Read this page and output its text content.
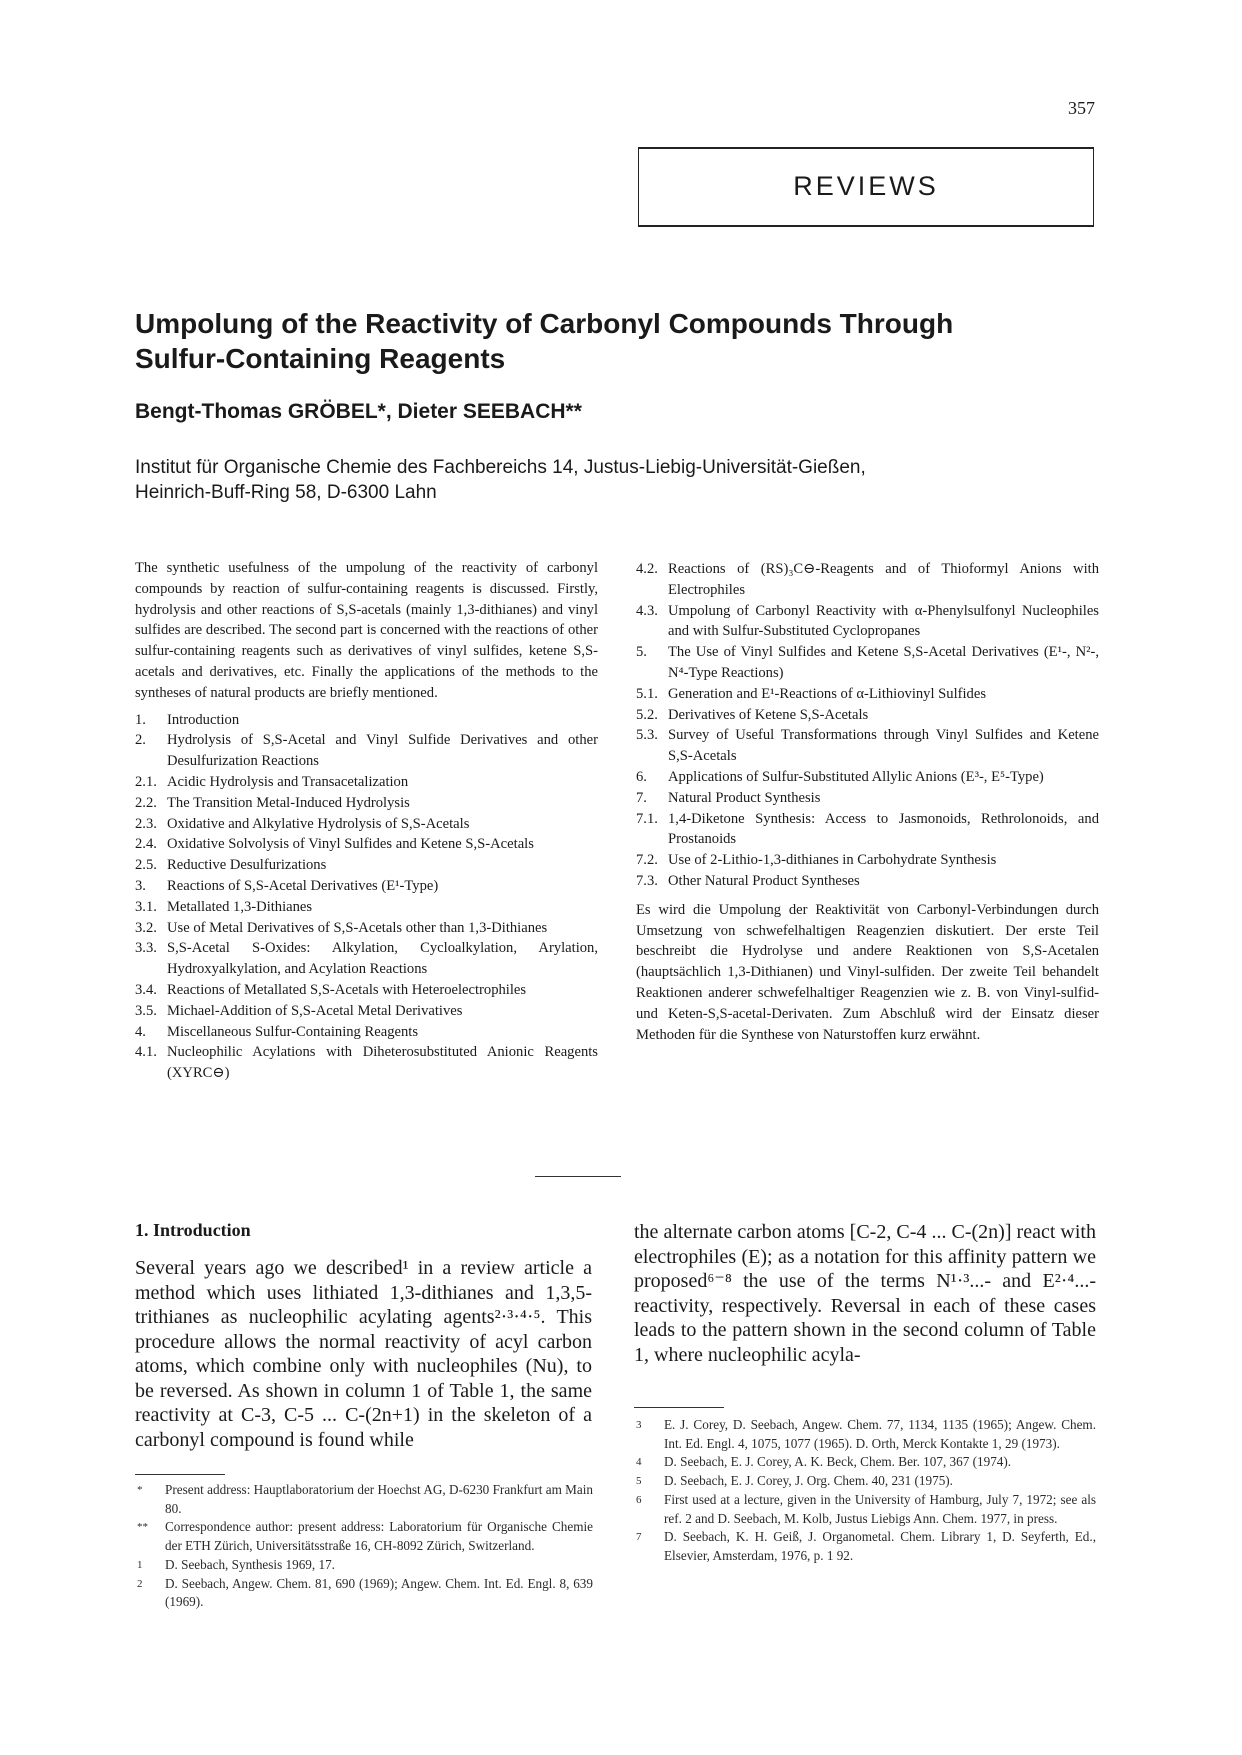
357
REVIEWS
Umpolung of the Reactivity of Carbonyl Compounds Through
Sulfur-Containing Reagents
Bengt-Thomas GRÖBEL*, Dieter SEEBACH**
Institut für Organische Chemie des Fachbereichs 14, Justus-Liebig-Universität-Gießen,
Heinrich-Buff-Ring 58, D-6300 Lahn

The synthetic usefulness of the umpolung of the reactivity of carbonyl compounds by reaction of sulfur-containing reagents is discussed. Firstly, hydrolysis and other reactions of S,S-acetals (mainly 1,3-dithianes) and vinyl sulfides are described. The second part is concerned with the reactions of other sulfur-containing reagents such as derivatives of vinyl sulfides, ketene S,S-acetals and derivatives, etc. Finally the applications of the methods to the syntheses of natural products are briefly mentioned.

1. Introduction
2. Hydrolysis of S,S-Acetal and Vinyl Sulfide Derivatives and other Desulfurization Reactions
2.1. Acidic Hydrolysis and Transacetalization
2.2. The Transition Metal-Induced Hydrolysis
2.3. Oxidative and Alkylative Hydrolysis of S,S-Acetals
2.4. Oxidative Solvolysis of Vinyl Sulfides and Ketene S,S-Acetals
2.5. Reductive Desulfurizations
3. Reactions of S,S-Acetal Derivatives (E¹-Type)
3.1. Metallated 1,3-Dithianes
3.2. Use of Metal Derivatives of S,S-Acetals other than 1,3-Dithianes
3.3. S,S-Acetal S-Oxides: Alkylation, Cycloalkylation, Arylation, Hydroxyalkylation, and Acylation Reactions
3.4. Reactions of Metallated S,S-Acetals with Heteroelectrophiles
3.5. Michael-Addition of S,S-Acetal Metal Derivatives
4. Miscellaneous Sulfur-Containing Reagents
4.1. Nucleophilic Acylations with Diheterosubstituted Anionic Reagents (XYRC⊖)
4.2. Reactions of (RS)₃C⊖-Reagents and of Thioformyl Anions with Electrophiles
4.3. Umpolung of Carbonyl Reactivity with α-Phenylsulfonyl Nucleophiles and with Sulfur-Substituted Cyclopropanes
5. The Use of Vinyl Sulfides and Ketene S,S-Acetal Derivatives (E¹-, N²-, N⁴-Type Reactions)
5.1. Generation and E¹-Reactions of α-Lithiovinyl Sulfides
5.2. Derivatives of Ketene S,S-Acetals
5.3. Survey of Useful Transformations through Vinyl Sulfides and Ketene S,S-Acetals
6. Applications of Sulfur-Substituted Allylic Anions (E³-, E⁵-Type)
7. Natural Product Synthesis
7.1. 1,4-Diketone Synthesis: Access to Jasmonoids, Rethrolonoids, and Prostanoids
7.2. Use of 2-Lithio-1,3-dithianes in Carbohydrate Synthesis
7.3. Other Natural Product Syntheses

Es wird die Umpolung der Reaktivität von Carbonyl-Verbindungen durch Umsetzung von schwefelhaltigen Reagenzien diskutiert. Der erste Teil beschreibt die Hydrolyse und andere Reaktionen von S,S-Acetalen (hauptsächlich 1,3-Dithianen) und Vinyl-sulfiden. Der zweite Teil behandelt Reaktionen anderer schwefelhaltiger Reagenzien wie z. B. von Vinyl-sulfid- und Keten-S,S-acetal-Derivaten. Zum Abschluß wird der Einsatz dieser Methoden für die Synthese von Naturstoffen kurz erwähnt.

1. Introduction

Several years ago we described¹ in a review article a method which uses lithiated 1,3-dithianes and 1,3,5-trithianes as nucleophilic acylating agents²·³·⁴·⁵. This procedure allows the normal reactivity of acyl carbon atoms, which combine only with nucleophiles (Nu), to be reversed. As shown in column 1 of Table 1, the same reactivity at C-3, C-5 ... C-(2n+1) in the skeleton of a carbonyl compound is found while

the alternate carbon atoms [C-2, C-4 ... C-(2n)] react with electrophiles (E); as a notation for this affinity pattern we proposed⁶⁻⁸ the use of the terms N¹·³...- and E²·⁴...-reactivity, respectively. Reversal in each of these cases leads to the pattern shown in the second column of Table 1, where nucleophilic acyla-

* Present address: Hauptlaboratorium der Hoechst AG, D-6230 Frankfurt am Main 80.
** Correspondence author: present address: Laboratorium für Organische Chemie der ETH Zürich, Universitätsstraße 16, CH-8092 Zürich, Switzerland.
1 D. Seebach, Synthesis 1969, 17.
2 D. Seebach, Angew. Chem. 81, 690 (1969); Angew. Chem. Int. Ed. Engl. 8, 639 (1969).
3 E. J. Corey, D. Seebach, Angew. Chem. 77, 1134, 1135 (1965); Angew. Chem. Int. Ed. Engl. 4, 1075, 1077 (1965). D. Orth, Merck Kontakte 1, 29 (1973).
4 D. Seebach, E. J. Corey, A. K. Beck, Chem. Ber. 107, 367 (1974).
5 D. Seebach, E. J. Corey, J. Org. Chem. 40, 231 (1975).
6 First used at a lecture, given in the University of Hamburg, July 7, 1972; see als ref. 2 and D. Seebach, M. Kolb, Justus Liebigs Ann. Chem. 1977, in press.
7 D. Seebach, K. H. Geiß, J. Organometal. Chem. Library 1, D. Seyferth, Ed., Elsevier, Amsterdam, 1976, p. 1 92.
